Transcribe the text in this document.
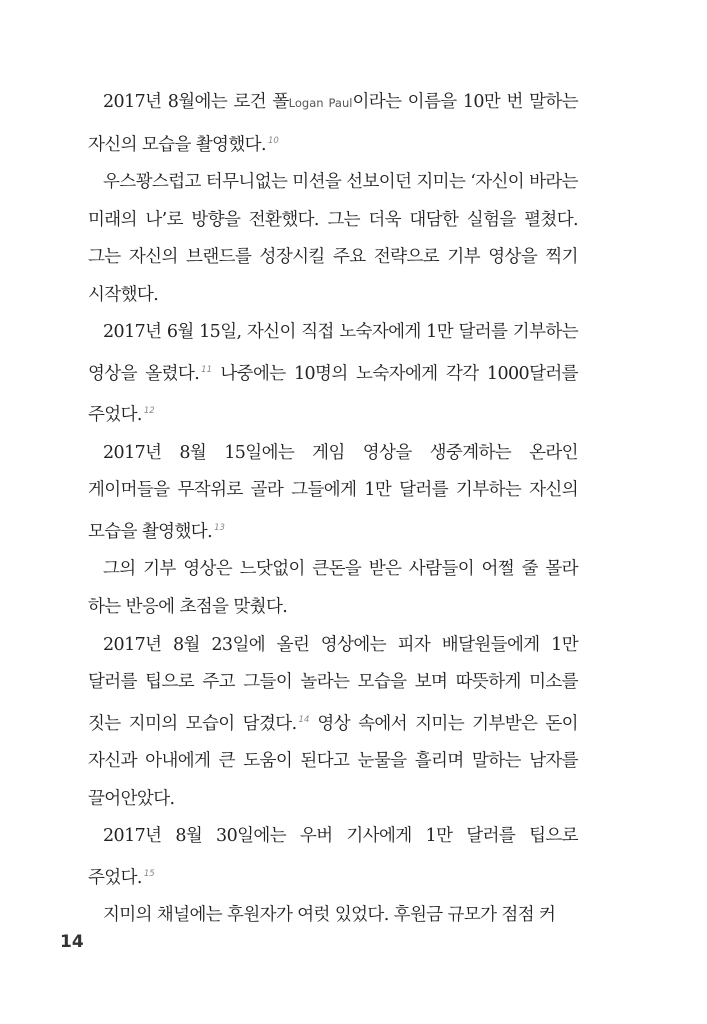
2017년 8월에는 로건 폴Logan Paul이라는 이름을 10만 번 말하는 자신의 모습을 촬영했다. $^{10}$

우스꽝스럽고 터무니없는 미션을 선보이던 지미는 ‘자신이 바라는 미래의 나’로 방향을 전환했다. 그는 더욱 대담한 실험을 펼쳤다. 그는 자신의 브랜드를 성장시킬 주요 전략으로 기부 영상을 찍기 시작했다.

2017년 6월 15일, 자신이 직접 노숙자에게 1만 달러를 기부하는 영상을 올렸다. $^{11}$ 나중에는 10명의 노숙자에게 각각 1000달러를 주었다. $^{12}$

2017년 8월 15일에는 게임 영상을 생중계하는 온라인 게이머들을 무작위로 골라 그들에게 1만 달러를 기부하는 자신의 모습을 촬영했다. $^{13}$

그의 기부 영상은 느닷없이 큰돈을 받은 사람들이 어쩔 줄 몰라 하는 반응에 초점을 맞췄다.

2017년 8월 23일에 올린 영상에는 피자 배달원들에게 1만 달러를 팁으로 주고 그들이 놀라는 모습을 보며 따뜻하게 미소를 짓는 지미의 모습이 담겼다. $^{14}$ 영상 속에서 지미는 기부받은 돈이 자신과 아내에게 큰 도움이 된다고 눈물을 흘리며 말하는 남자를 끌어안았다.

2017년 8월 30일에는 우버 기사에게 1만 달러를 팁으로 주었다. $^{15}$

지미의 채널에는 후원자가 여럿 있었다. 후원금 규모가 점점 커

14
